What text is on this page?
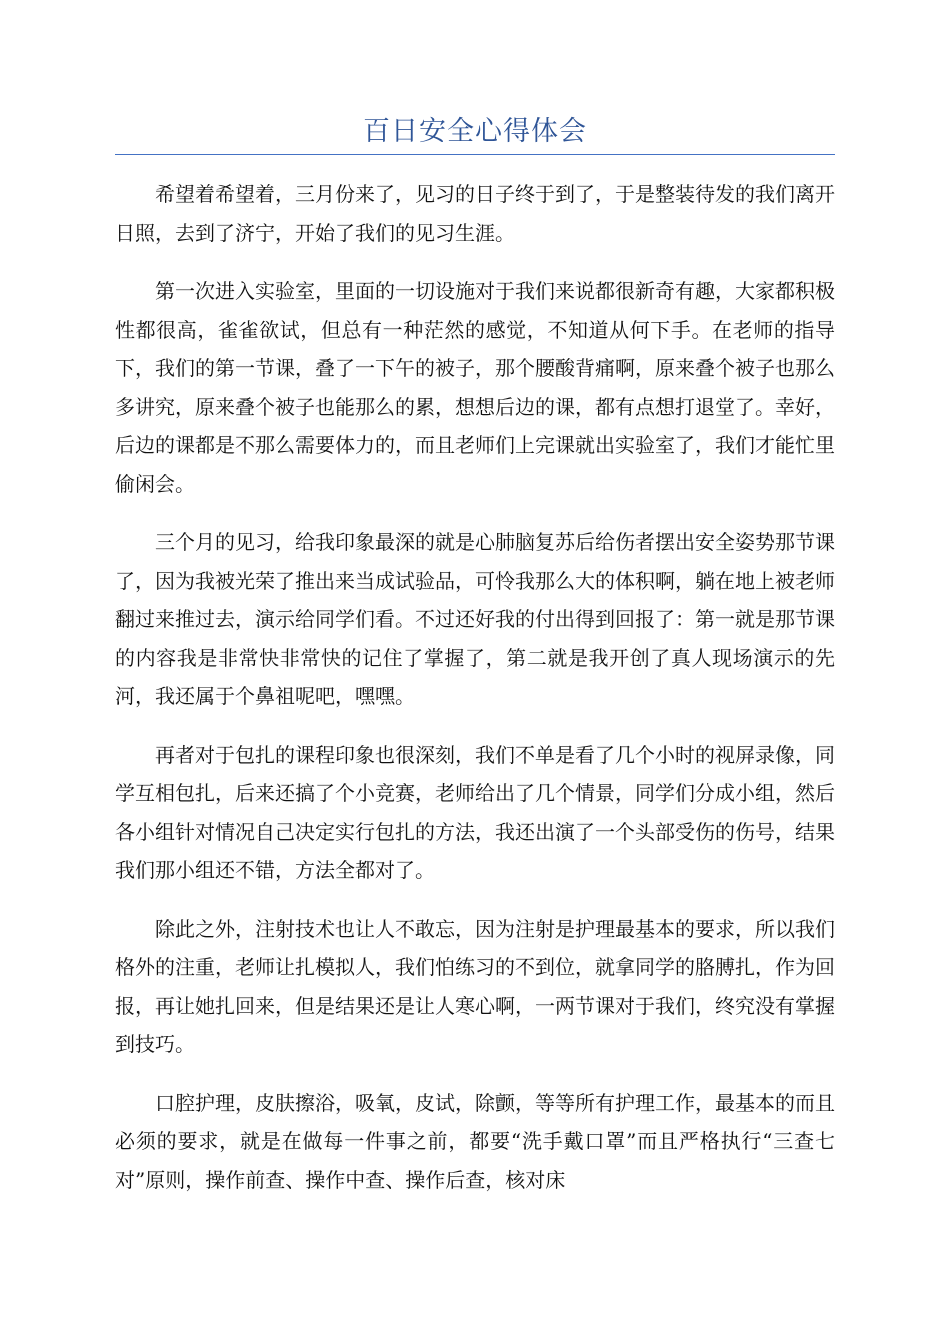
百日安全心得体会

希望着希望着，三月份来了，见习的日子终于到了，于是整装待发的我们离开日照，去到了济宁，开始了我们的见习生涯。

第一次进入实验室，里面的一切设施对于我们来说都很新奇有趣，大家都积极性都很高，雀雀欲试，但总有一种茫然的感觉，不知道从何下手。在老师的指导下，我们的第一节课，叠了一下午的被子，那个腰酸背痛啊，原来叠个被子也那么多讲究，原来叠个被子也能那么的累，想想后边的课，都有点想打退堂了。幸好，后边的课都是不那么需要体力的，而且老师们上完课就出实验室了，我们才能忙里偷闲会。

三个月的见习，给我印象最深的就是心肺脑复苏后给伤者摆出安全姿势那节课了，因为我被光荣了推出来当成试验品，可怜我那么大的体积啊，躺在地上被老师翻过来推过去，演示给同学们看。不过还好我的付出得到回报了：第一就是那节课的内容我是非常快非常快的记住了掌握了，第二就是我开创了真人现场演示的先河，我还属于个鼻祖呢吧，嘿嘿。

再者对于包扎的课程印象也很深刻，我们不单是看了几个小时的视屏录像，同学互相包扎，后来还搞了个小竞赛，老师给出了几个情景，同学们分成小组，然后各小组针对情况自己决定实行包扎的方法，我还出演了一个头部受伤的伤号，结果我们那小组还不错，方法全都对了。

除此之外，注射技术也让人不敢忘，因为注射是护理最基本的要求，所以我们格外的注重，老师让扎模拟人，我们怕练习的不到位，就拿同学的胳膊扎，作为回报，再让她扎回来，但是结果还是让人寒心啊，一两节课对于我们，终究没有掌握到技巧。

口腔护理，皮肤擦浴，吸氧，皮试，除颤，等等所有护理工作，最基本的而且必须的要求，就是在做每一件事之前，都要“洗手戴口罩”而且严格执行“三查七对”原则，操作前查、操作中查、操作后查，核对床
